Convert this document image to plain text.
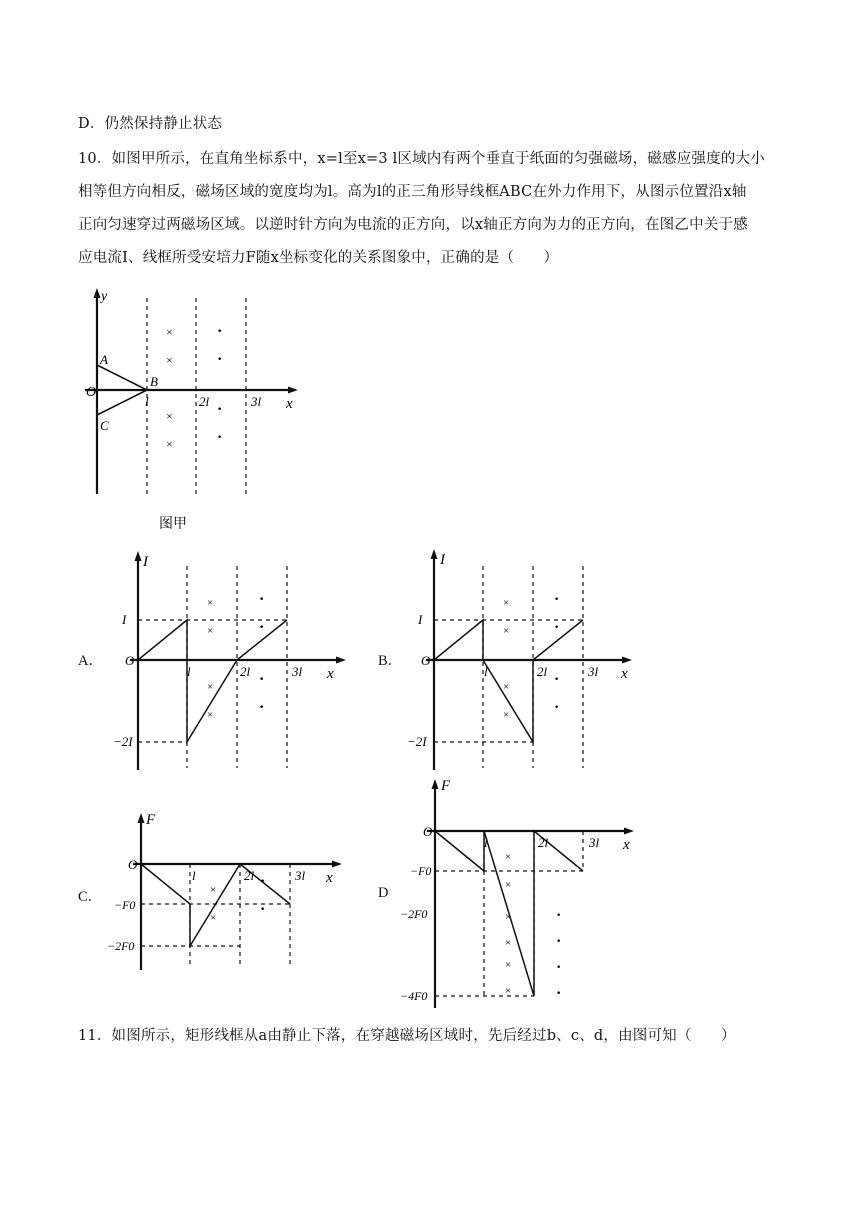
D．仍然保持静止状态
10．如图甲所示，在直角坐标系中，x=l至x=3 l区域内有两个垂直于纸面的匀强磁场，磁感应强度的大小
相等但方向相反，磁场区域的宽度均为l。高为l的正三角形导线框ABC在外力作用下，从图示位置沿x轴
正向匀速穿过两磁场区域。以逆时针方向为电流的正方向，以x轴正方向为力的正方向，在图乙中关于感
应电流I、线框所受安培力F随x坐标变化的关系图象中，正确的是（　　）
y
O
A
B
C
l	2l	3l x
×
×
×
×
·
·
·
·
图甲
A．
I
O
I
−2I
l	2l	3l x
×
×
×
×
·
·
·
·
B．
I
O
I
−2I
l	2l	3l x
×
×
×
×
·
·
·
·
C．
F
O
−F0
−2F0
l	2l	3l x
×
×
·
·
D
F
O
−F0
−2F0
−4F0
l	2l	3l x
×
×
×
×
×
×
·
·
·
·
11．如图所示，矩形线框从a由静止下落，在穿越磁场区域时，先后经过b、c、d，由图可知（　　）
